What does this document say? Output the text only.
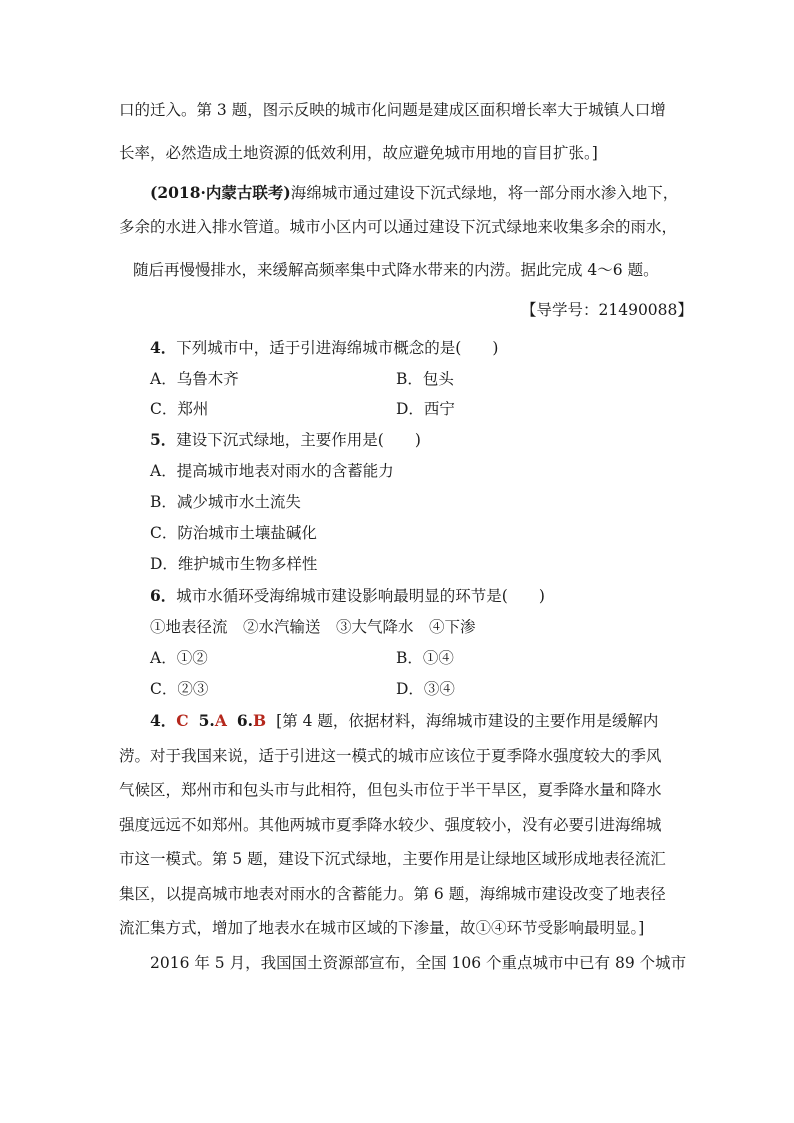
口的迁入。第 3 题，图示反映的城市化问题是建成区面积增长率大于城镇人口增
长率，必然造成土地资源的低效利用，故应避免城市用地的盲目扩张。]
(2018·内蒙古联考)海绵城市通过建设下沉式绿地，将一部分雨水渗入地下，
多余的水进入排水管道。城市小区内可以通过建设下沉式绿地来收集多余的雨水，
随后再慢慢排水，来缓解高频率集中式降水带来的内涝。据此完成 4～6 题。
【导学号：21490088】
4．下列城市中，适于引进海绵城市概念的是(　　)
A．乌鲁木齐	B．包头
C．郑州	D．西宁
5．建设下沉式绿地，主要作用是(　　)
A．提高城市地表对雨水的含蓄能力
B．减少城市水土流失
C．防治城市土壤盐碱化
D．维护城市生物多样性
6．城市水循环受海绵城市建设影响最明显的环节是(　　)
①地表径流　②水汽输送　③大气降水　④下渗
A．①②	B．①④
C．②③	D．③④
4．C 5.A 6.B [第 4 题，依据材料，海绵城市建设的主要作用是缓解内
涝。对于我国来说，适于引进这一模式的城市应该位于夏季降水强度较大的季风
气候区，郑州市和包头市与此相符，但包头市位于半干旱区，夏季降水量和降水
强度远远不如郑州。其他两城市夏季降水较少、强度较小，没有必要引进海绵城
市这一模式。第 5 题，建设下沉式绿地，主要作用是让绿地区域形成地表径流汇
集区，以提高城市地表对雨水的含蓄能力。第 6 题，海绵城市建设改变了地表径
流汇集方式，增加了地表水在城市区域的下渗量，故①④环节受影响最明显。]
2016 年 5 月，我国国土资源部宣布，全国 106 个重点城市中已有 89 个城市
